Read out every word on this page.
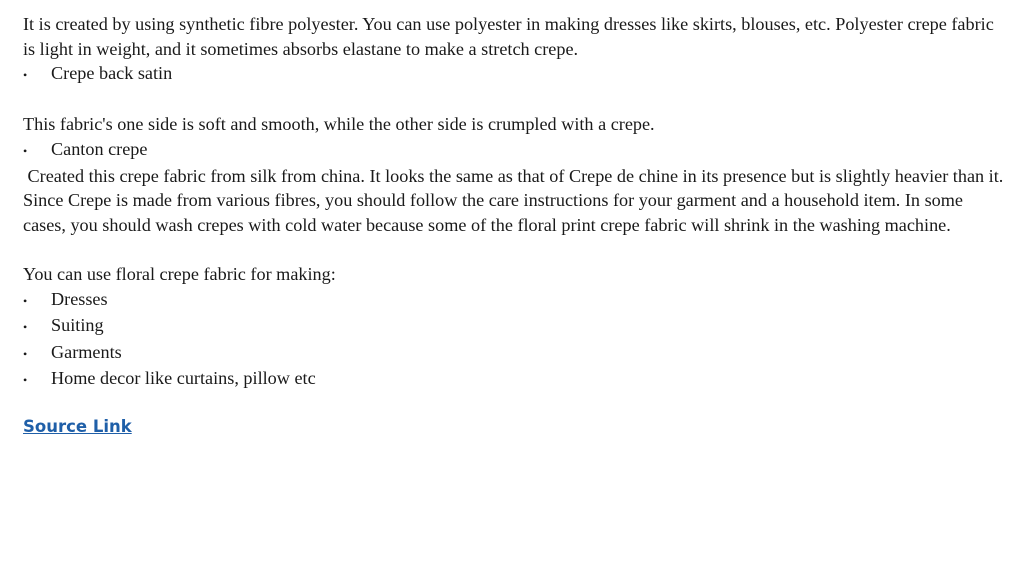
It is created by using synthetic fibre polyester. You can use polyester in making dresses like skirts, blouses, etc. Polyester crepe fabric is light in weight, and it sometimes absorbs elastane to make a stretch crepe.

•	Crepe back satin

This fabric's one side is soft and smooth, while the other side is crumpled with a crepe.

•	Canton crepe

Created this crepe fabric from silk from china. It looks the same as that of Crepe de chine in its presence but is slightly heavier than it.

Since Crepe is made from various fibres, you should follow the care instructions for your garment and a household item. In some cases, you should wash crepes with cold water because some of the floral print crepe fabric will shrink in the washing machine.

You can use floral crepe fabric for making:

•	Dresses
•	Suiting
•	Garments
•	Home decor like curtains, pillow etc
Source Link
